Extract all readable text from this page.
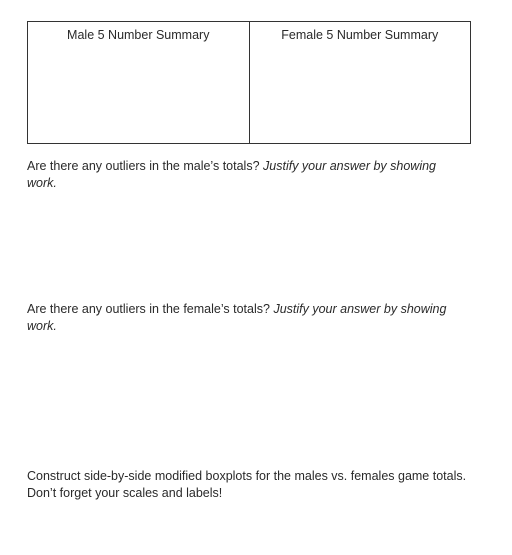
Male 5 Number Summary	Female 5 Number Summary
Are there any outliers in the male’s totals? Justify your answer by showing work.
Are there any outliers in the female’s totals? Justify your answer by showing work.
Construct side-by-side modified boxplots for the males vs. females game totals. Don’t forget your scales and labels!
